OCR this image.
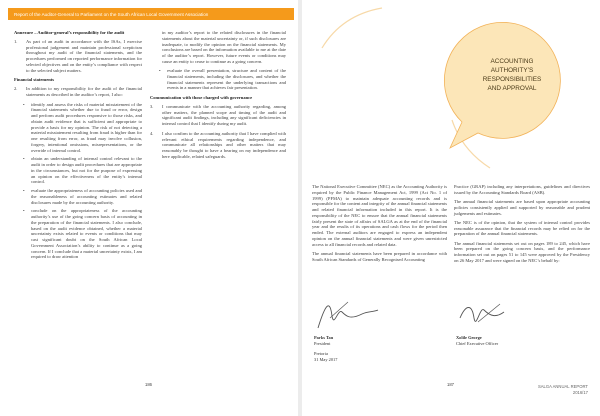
Report of the Auditor-General to Parliament on the South African Local Government Association

Annexure – Auditor-general’s responsibility for the audit

1.	As part of an audit in accordance with the ISAs, I exercise professional judgement and maintain professional scepticism throughout my audit of the financial statements, and the procedures performed on reported performance information for selected objectives and on the entity’s compliance with respect to the selected subject matters.

Financial statements

2.	In addition to my responsibility for the audit of the financial statements as described in the auditor’s report, I also:
•	identify and assess the risks of material misstatement of the financial statements whether due to fraud or error, design and perform audit procedures responsive to those risks, and obtain audit evidence that is sufficient and appropriate to provide a basis for my opinion. The risk of not detecting a material misstatement resulting from fraud is higher than for one resulting from error, as fraud may involve collusion, forgery, intentional omissions, misrepresentations, or the override of internal control.
•	obtain an understanding of internal control relevant to the audit in order to design audit procedures that are appropriate in the circumstances, but not for the purpose of expressing an opinion on the effectiveness of the entity’s internal control.
•	evaluate the appropriateness of accounting policies used and the reasonableness of accounting estimates and related disclosures made by the accounting authority.
•	conclude on the appropriateness of the accounting authority’s use of the going concern basis of accounting in the preparation of the financial statements. I also conclude, based on the audit evidence obtained, whether a material uncertainty exists related to events or conditions that may cast significant doubt on the South African Local Government Association’s ability to continue as a going concern. If I conclude that a material uncertainty exists, I am required to draw attention

in my auditor’s report to the related disclosures in the financial statements about the material uncertainty or, if such disclosures are inadequate, to modify the opinion on the financial statements. My conclusions are based on the information available to me at the date of the auditor’s report. However, future events or conditions may cause an entity to cease to continue as a going concern.

•	evaluate the overall presentation, structure and content of the financial statements, including the disclosures, and whether the financial statements represent the underlying transactions and events in a manner that achieves fair presentation.

Communication with those charged with governance

3.	I communicate with the accounting authority regarding, among other matters, the planned scope and timing of the audit and significant audit findings, including any significant deficiencies in internal control that I identify during my audit.
4.	I also confirm to the accounting authority that I have complied with relevant ethical requirements regarding independence, and communicate all relationships and other matters that may reasonably be thought to have a bearing on my independence and here applicable, related safeguards.
186
ACCOUNTING
AUTHORITY’S
RESPONSIBILITIES
AND APPROVAL

The National Executive Committee (NEC) as the Accounting Authority is required by the Public Finance Management Act, 1999 (Act No. 1 of 1999) (PFMA) to maintain adequate accounting records and is responsible for the content and integrity of the annual financial statements and related financial information included in this report. It is the responsibility of the NEC to ensure that the annual financial statements fairly present the state of affairs of SALGA as at the end of the financial year and the results of its operations and cash flows for the period then ended. The external auditors are engaged to express an independent opinion on the annual financial statements and were given unrestricted access to all financial records and related data.

The annual financial statements have been prepared in accordance with South African Standards of Generally Recognised Accounting

Practice (GRAP) including any interpretations, guidelines and directives issued by the Accounting Standards Board (ASB).

The annual financial statements are based upon appropriate accounting policies consistently applied and supported by reasonable and prudent judgements and estimates.

The NEC is of the opinion, that the system of internal control provides reasonable assurance that the financial records may be relied on for the preparation of the annual financial statements.

The annual financial statements set out on pages 189 to 245, which have been prepared on the going concern basis, and the performance information set out on pages 51 to 145 were approved by the Presidency on 26 May 2017 and were signed on the NEC’s behalf by:

Parks Tau
President
Pretoria
31 May 2017
Xolile George
Chief Executive Officer
187	SALGA ANNUAL REPORT
2016/17
